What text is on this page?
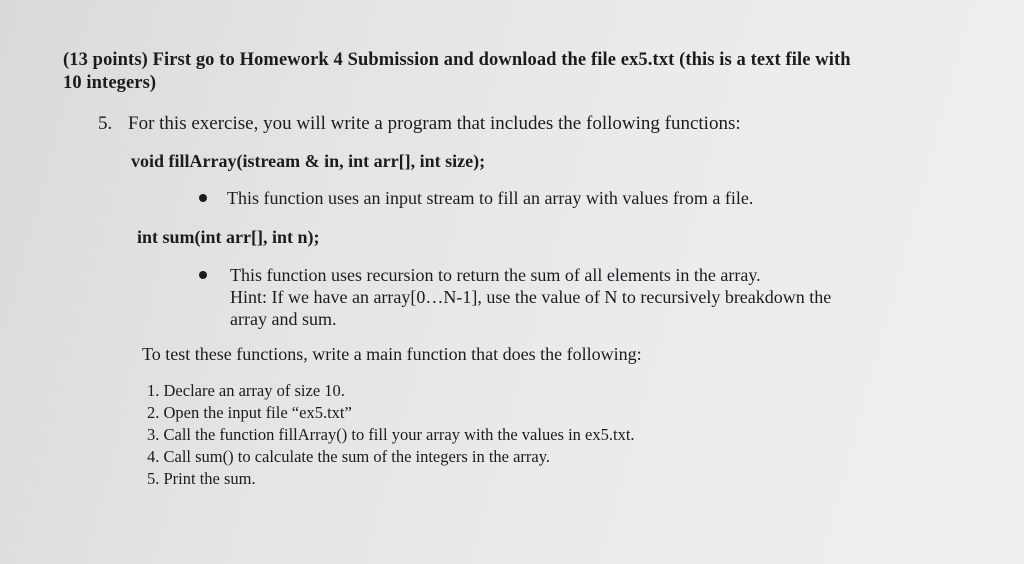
(13 points) First go to Homework 4 Submission and download the file ex5.txt (this is a text file with
10 integers)
5. For this exercise, you will write a program that includes the following functions:
void fillArray(istream & in, int arr[], int size);
This function uses an input stream to fill an array with values from a file.
int sum(int arr[], int n);
This function uses recursion to return the sum of all elements in the array.
Hint: If we have an array[0…N-1], use the value of N to recursively breakdown the
array and sum.
To test these functions, write a main function that does the following:
1. Declare an array of size 10.
2. Open the input file “ex5.txt”
3. Call the function fillArray() to fill your array with the values in ex5.txt.
4. Call sum() to calculate the sum of the integers in the array.
5. Print the sum.
